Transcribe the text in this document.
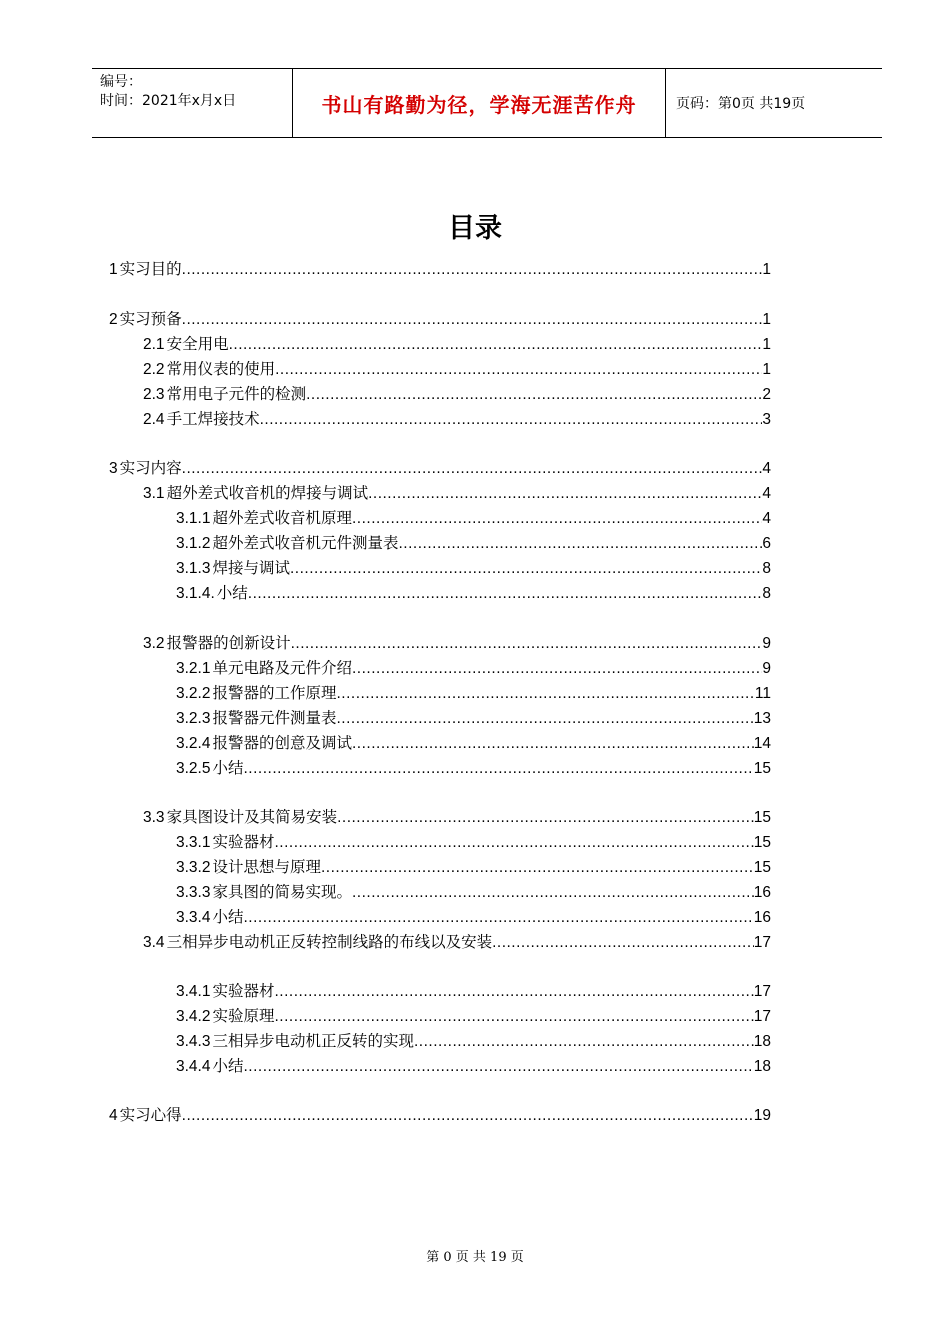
编号：
时间：2021年x月x日	书山有路勤为径，学海无涯苦作舟	页码：第0页 共19页
目录
1 实习目的 .....	1
2 实习预备 .....	1
2.1 安全用电 .....	1
2.2 常用仪表的使用 .....	1
2.3 常用电子元件的检测 .....	2
2.4 手工焊接技术 .....	3
3 实习内容 .....	4
3.1 超外差式收音机的焊接与调试 .....	4
3.1.1 超外差式收音机原理 .....	4
3.1.2 超外差式收音机元件测量表 .....	6
3.1.3 焊接与调试 .....	8
3.1.4. 小结 .....	8
3.2 报警器的创新设计 .....	9
3.2.1 单元电路及元件介绍 .....	9
3.2.2 报警器的工作原理 .....	11
3.2.3 报警器元件测量表 .....	13
3.2.4 报警器的创意及调试 .....	14
3.2.5 小结 .....	15
3.3 家具图设计及其简易安装 .....	15
3.3.1 实验器材 .....	15
3.3.2 设计思想与原理 .....	15
3.3.3 家具图的简易实现。 .....	16
3.3.4 小结 .....	16
3.4 三相异步电动机正反转控制线路的布线以及安装 .....	17
3.4.1 实验器材 .....	17
3.4.2 实验原理 .....	17
3.4.3 三相异步电动机正反转的实现 .....	18
3.4.4 小结 .....	18
4 实习心得 .....	19
第 0 页 共 19 页
